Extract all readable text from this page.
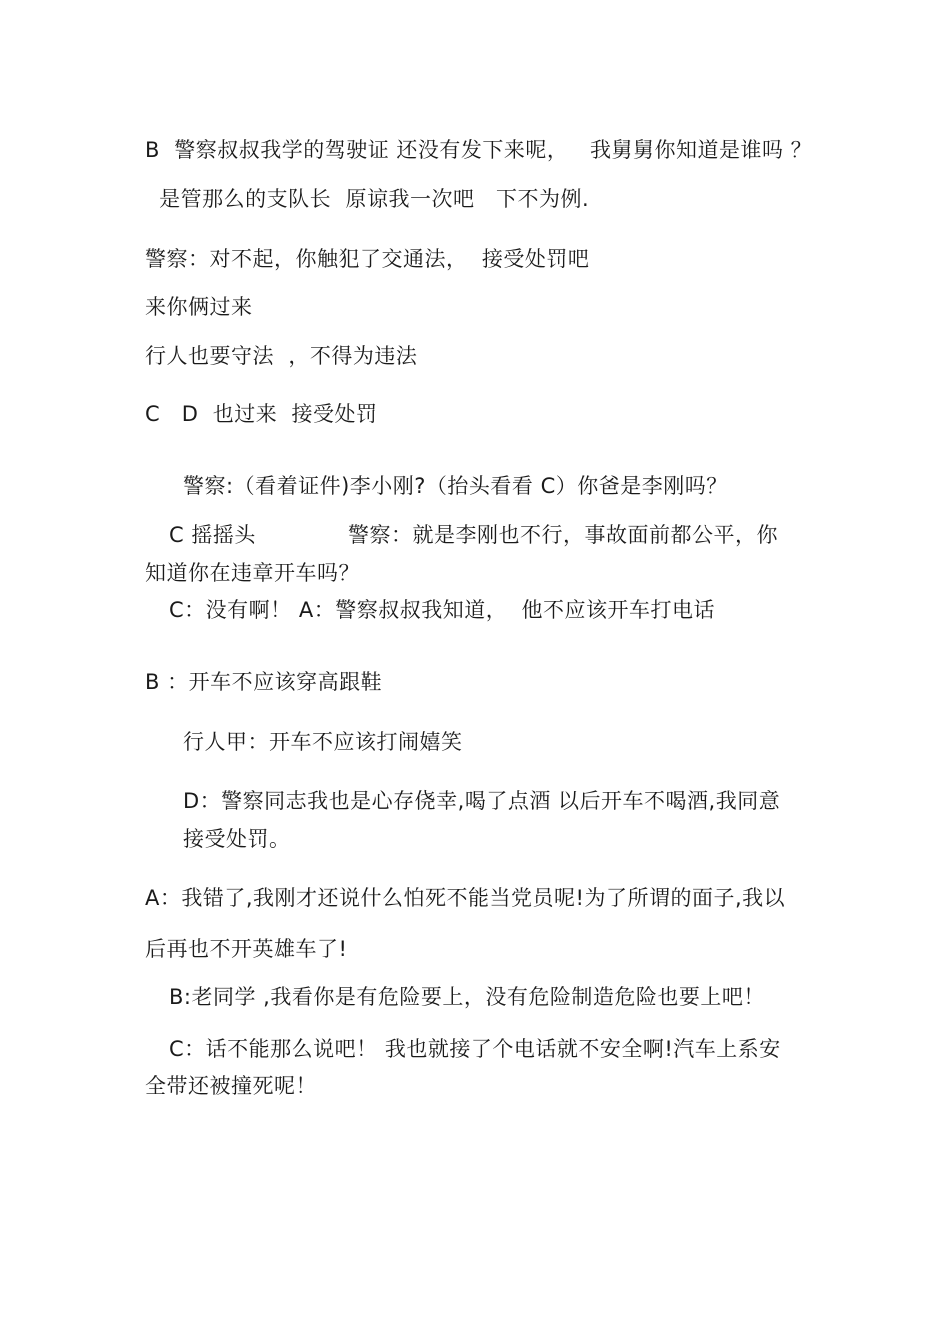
B  警察叔叔我学的驾驶证 还没有发下来呢，   我舅舅你知道是谁吗 ？
是管那么的支队长  原谅我一次吧   下不为例.
警察：对不起，你触犯了交通法，  接受处罚吧
来你俩过来
行人也要守法  ，不得为违法
C   D  也过来  接受处罚
警察:（看着证件)李小刚?（抬头看看 C）你爸是李刚吗？
C 摇摇头	警察：就是李刚也不行，事故面前都公平，你
知道你在违章开车吗？
C：没有啊！ A：警察叔叔我知道，  他不应该开车打电话
B ：开车不应该穿高跟鞋
行人甲：开车不应该打闹嬉笑
D：警察同志我也是心存侥幸,喝了点酒 以后开车不喝酒,我同意
接受处罚。
A：我错了,我刚才还说什么怕死不能当党员呢!为了所谓的面子,我以
后再也不开英雄车了!
B:老同学 ,我看你是有危险要上，没有危险制造危险也要上吧！
C：话不能那么说吧！ 我也就接了个电话就不安全啊!汽车上系安
全带还被撞死呢！
